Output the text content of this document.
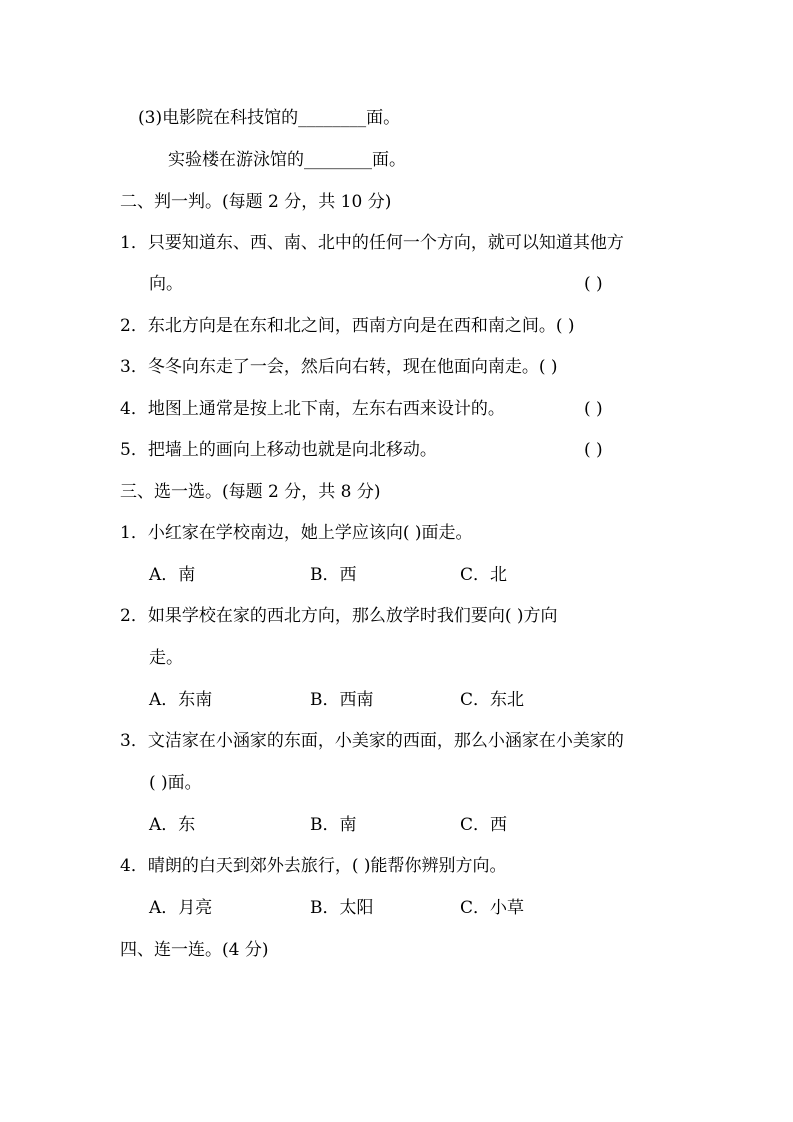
(3)电影院在科技馆的________面。
实验楼在游泳馆的________面。
二、判一判。(每题 2 分，共 10 分)
1．只要知道东、西、南、北中的任何一个方向，就可以知道其他方
向。	( )
2．东北方向是在东和北之间，西南方向是在西和南之间。( )
3．冬冬向东走了一会，然后向右转，现在他面向南走。( )
4．地图上通常是按上北下南，左东右西来设计的。	( )
5．把墙上的画向上移动也就是向北移动。	( )
三、选一选。(每题 2 分，共 8 分)
1．小红家在学校南边，她上学应该向( )面走。
A．南	B．西	C．北
2．如果学校在家的西北方向，那么放学时我们要向( )方向
走。
A．东南	B．西南	C．东北
3．文洁家在小涵家的东面，小美家的西面，那么小涵家在小美家的
( )面。
A．东	B．南	C．西
4．晴朗的白天到郊外去旅行，( )能帮你辨别方向。
A．月亮	B．太阳	C．小草
四、连一连。(4 分)
